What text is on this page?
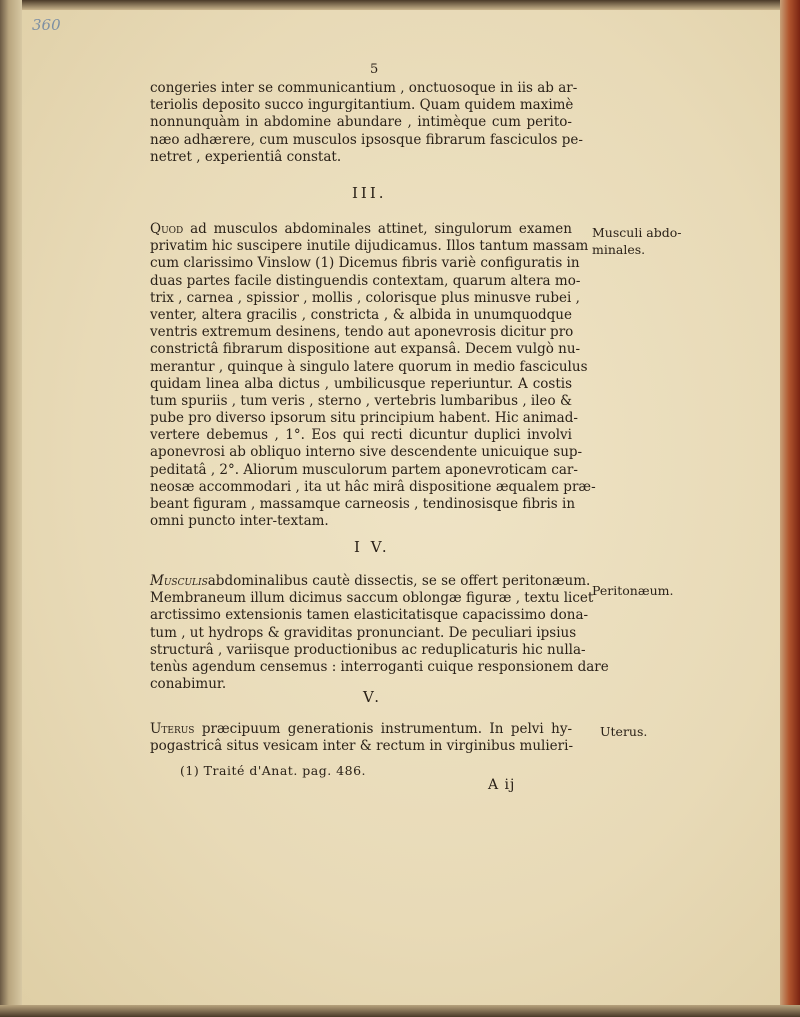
360
5
congeries inter se communicantium , onctuosoque in iis ab ar-
teriolis deposito succo ingurgitantium. Quam quidem maximè
nonnunquàm in abdomine abundare , intimèque cum perito-
næo adhærere, cum musculos ipsosque fibrarum fasciculos pe-
netret , experientiâ constat.
III.
Quod ad musculos abdominales attinet, singulorum examen
privatim hic suscipere inutile dijudicamus. Illos tantum massam
cum clarissimo Vinslow (1) Dicemus fibris variè configuratis in
duas partes facile distinguendis contextam, quarum altera mo-
trix , carnea , spissior , mollis , colorisque plus minusve rubei ,
venter, altera gracilis , constricta , & albida in unumquodque
ventris extremum desinens, tendo aut aponevrosis dicitur pro
constrictâ fibrarum dispositione aut expansâ. Decem vulgò nu-
merantur , quinque à singulo latere quorum in medio fasciculus
quidam linea alba dictus , umbilicusque reperiuntur. A costis
tum spuriis , tum veris , sterno , vertebris lumbaribus , ileo &
pube pro diverso ipsorum situ principium habent. Hic animad-
vertere debemus , 1°. Eos qui recti dicuntur duplici involvi
aponevrosi ab obliquo interno sive descendente unicuique sup-
peditatâ , 2°. Aliorum musculorum partem aponevroticam car-
neosæ accommodari , ita ut hâc mirâ dispositione æqualem præ-
beant figuram , massamque carneosis , tendinosisque fibris in
omni puncto inter-textam.
Musculi abdo-
minales.
I V.
Musculisabdominalibus cautè dissectis, se se offert peritonæum.
Membraneum illum dicimus saccum oblongæ figuræ , textu licet
arctissimo extensionis tamen elasticitatisque capacissimo dona-
tum , ut hydrops & graviditas pronunciant. De peculiari ipsius
structurâ , variisque productionibus ac reduplicaturis hic nulla-
tenùs agendum censemus : interroganti cuique responsionem dare
conabimur.
Peritonæum.
V.
Uterus præcipuum generationis instrumentum. In pelvi hy-
pogastricâ situs vesicam inter & rectum in virginibus mulieri-
Uterus.
(1) Traité d'Anat. pag. 486.
A ij
